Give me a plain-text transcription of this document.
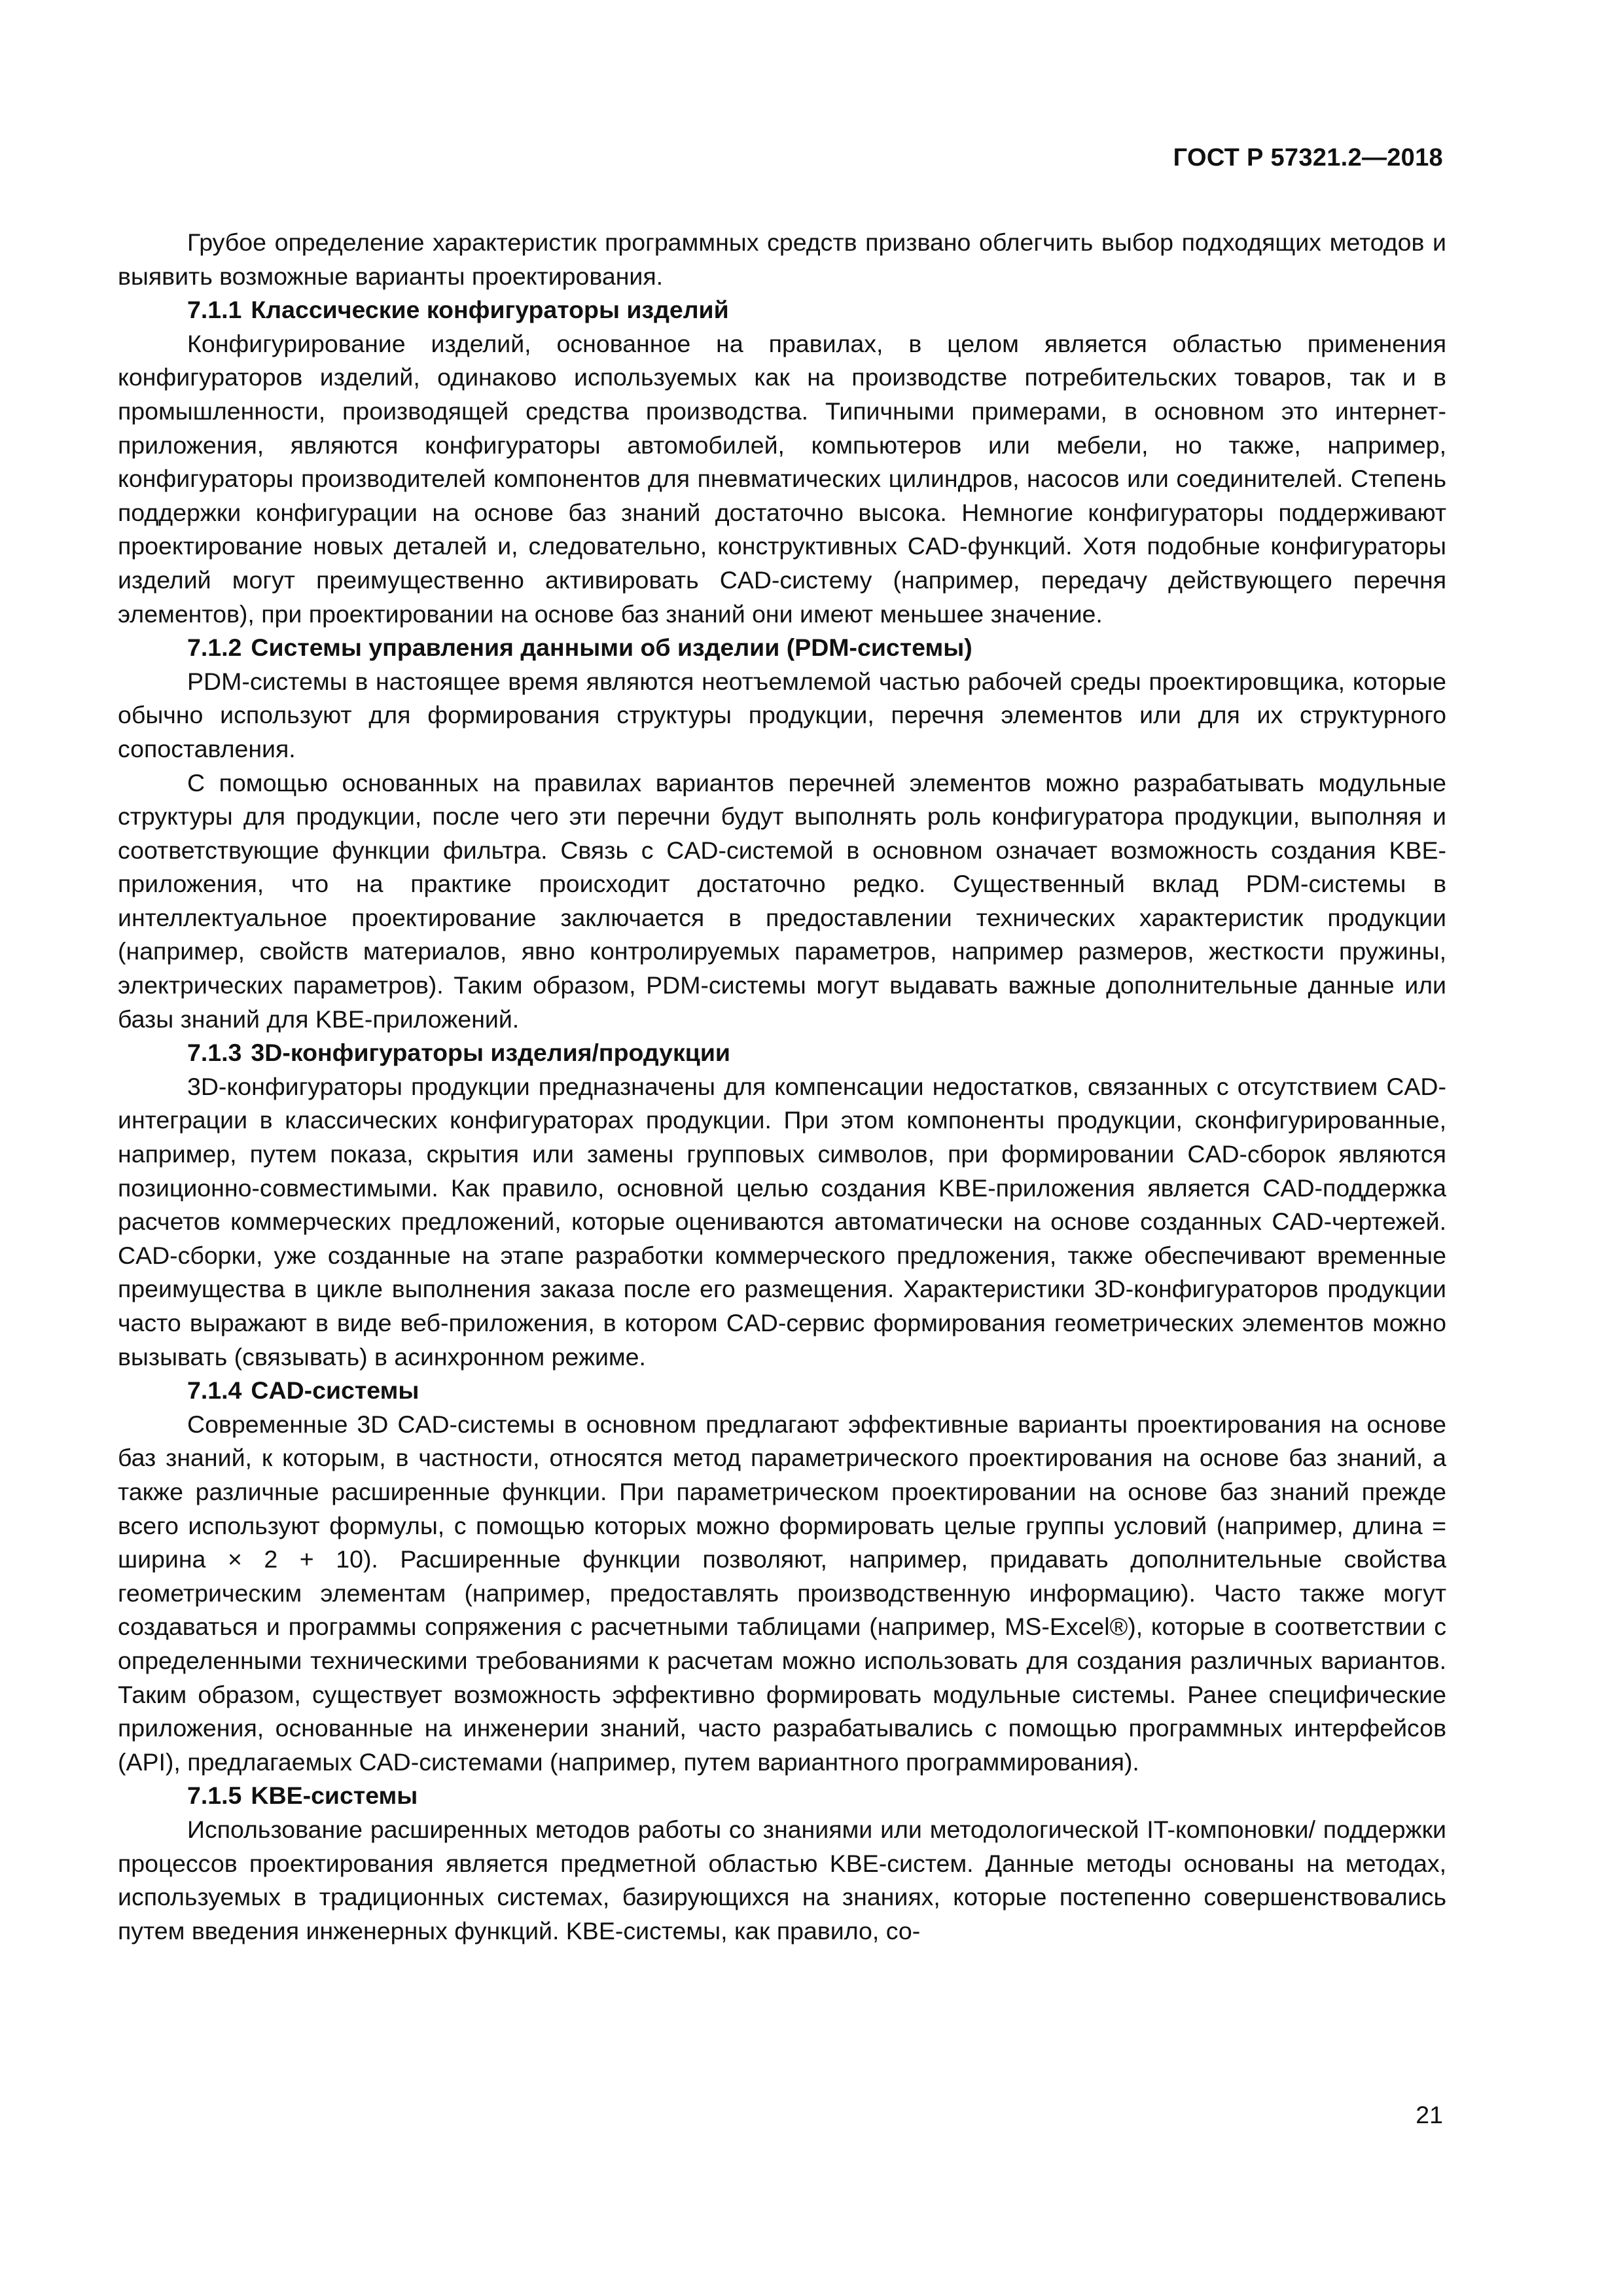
ГОСТ Р 57321.2—2018

Грубое определение характеристик программных средств призвано облегчить выбор подходящих методов и выявить возможные варианты проектирования.

7.1.1 Классические конфигураторы изделий

Конфигурирование изделий, основанное на правилах, в целом является областью применения конфигураторов изделий, одинаково используемых как на производстве потребительских товаров, так и в промышленности, производящей средства производства. Типичными примерами, в основном это интернет-приложения, являются конфигураторы автомобилей, компьютеров или мебели, но также, например, конфигураторы производителей компонентов для пневматических цилиндров, насосов или соединителей. Степень поддержки конфигурации на основе баз знаний достаточно высока. Немногие конфигураторы поддерживают проектирование новых деталей и, следовательно, конструктивных CAD-функций. Хотя подобные конфигураторы изделий могут преимущественно активировать CAD-систему (например, передачу действующего перечня элементов), при проектировании на основе баз знаний они имеют меньшее значение.

7.1.2 Системы управления данными об изделии (PDM-системы)

PDM-системы в настоящее время являются неотъемлемой частью рабочей среды проектировщика, которые обычно используют для формирования структуры продукции, перечня элементов или для их структурного сопоставления.

С помощью основанных на правилах вариантов перечней элементов можно разрабатывать модульные структуры для продукции, после чего эти перечни будут выполнять роль конфигуратора продукции, выполняя и соответствующие функции фильтра. Связь с CAD-системой в основном означает возможность создания KBE-приложения, что на практике происходит достаточно редко. Существенный вклад PDM-системы в интеллектуальное проектирование заключается в предоставлении технических характеристик продукции (например, свойств материалов, явно контролируемых параметров, например размеров, жесткости пружины, электрических параметров). Таким образом, PDM-системы могут выдавать важные дополнительные данные или базы знаний для KBE-приложений.

7.1.3 3D-конфигураторы изделия/продукции

3D-конфигураторы продукции предназначены для компенсации недостатков, связанных с отсутствием CAD-интеграции в классических конфигураторах продукции. При этом компоненты продукции, сконфигурированные, например, путем показа, скрытия или замены групповых символов, при формировании CAD-сборок являются позиционно-совместимыми. Как правило, основной целью создания KBE-приложения является CAD-поддержка расчетов коммерческих предложений, которые оцениваются автоматически на основе созданных CAD-чертежей. CAD-сборки, уже созданные на этапе разработки коммерческого предложения, также обеспечивают временные преимущества в цикле выполнения заказа после его размещения. Характеристики 3D-конфигураторов продукции часто выражают в виде веб-приложения, в котором CAD-сервис формирования геометрических элементов можно вызывать (связывать) в асинхронном режиме.

7.1.4 CAD-системы

Современные 3D CAD-системы в основном предлагают эффективные варианты проектирования на основе баз знаний, к которым, в частности, относятся метод параметрического проектирования на основе баз знаний, а также различные расширенные функции. При параметрическом проектировании на основе баз знаний прежде всего используют формулы, с помощью которых можно формировать целые группы условий (например, длина = ширина × 2 + 10). Расширенные функции позволяют, например, придавать дополнительные свойства геометрическим элементам (например, предоставлять производственную информацию). Часто также могут создаваться и программы сопряжения с расчетными таблицами (например, MS-Excel®), которые в соответствии с определенными техническими требованиями к расчетам можно использовать для создания различных вариантов. Таким образом, существует возможность эффективно формировать модульные системы. Ранее специфические приложения, основанные на инженерии знаний, часто разрабатывались с помощью программных интерфейсов (API), предлагаемых CAD-системами (например, путем вариантного программирования).

7.1.5 KBE-системы

Использование расширенных методов работы со знаниями или методологической IT-компоновки/ поддержки процессов проектирования является предметной областью KBE-систем. Данные методы основаны на методах, используемых в традиционных системах, базирующихся на знаниях, которые постепенно совершенствовались путем введения инженерных функций. KBE-системы, как правило, со-

21
